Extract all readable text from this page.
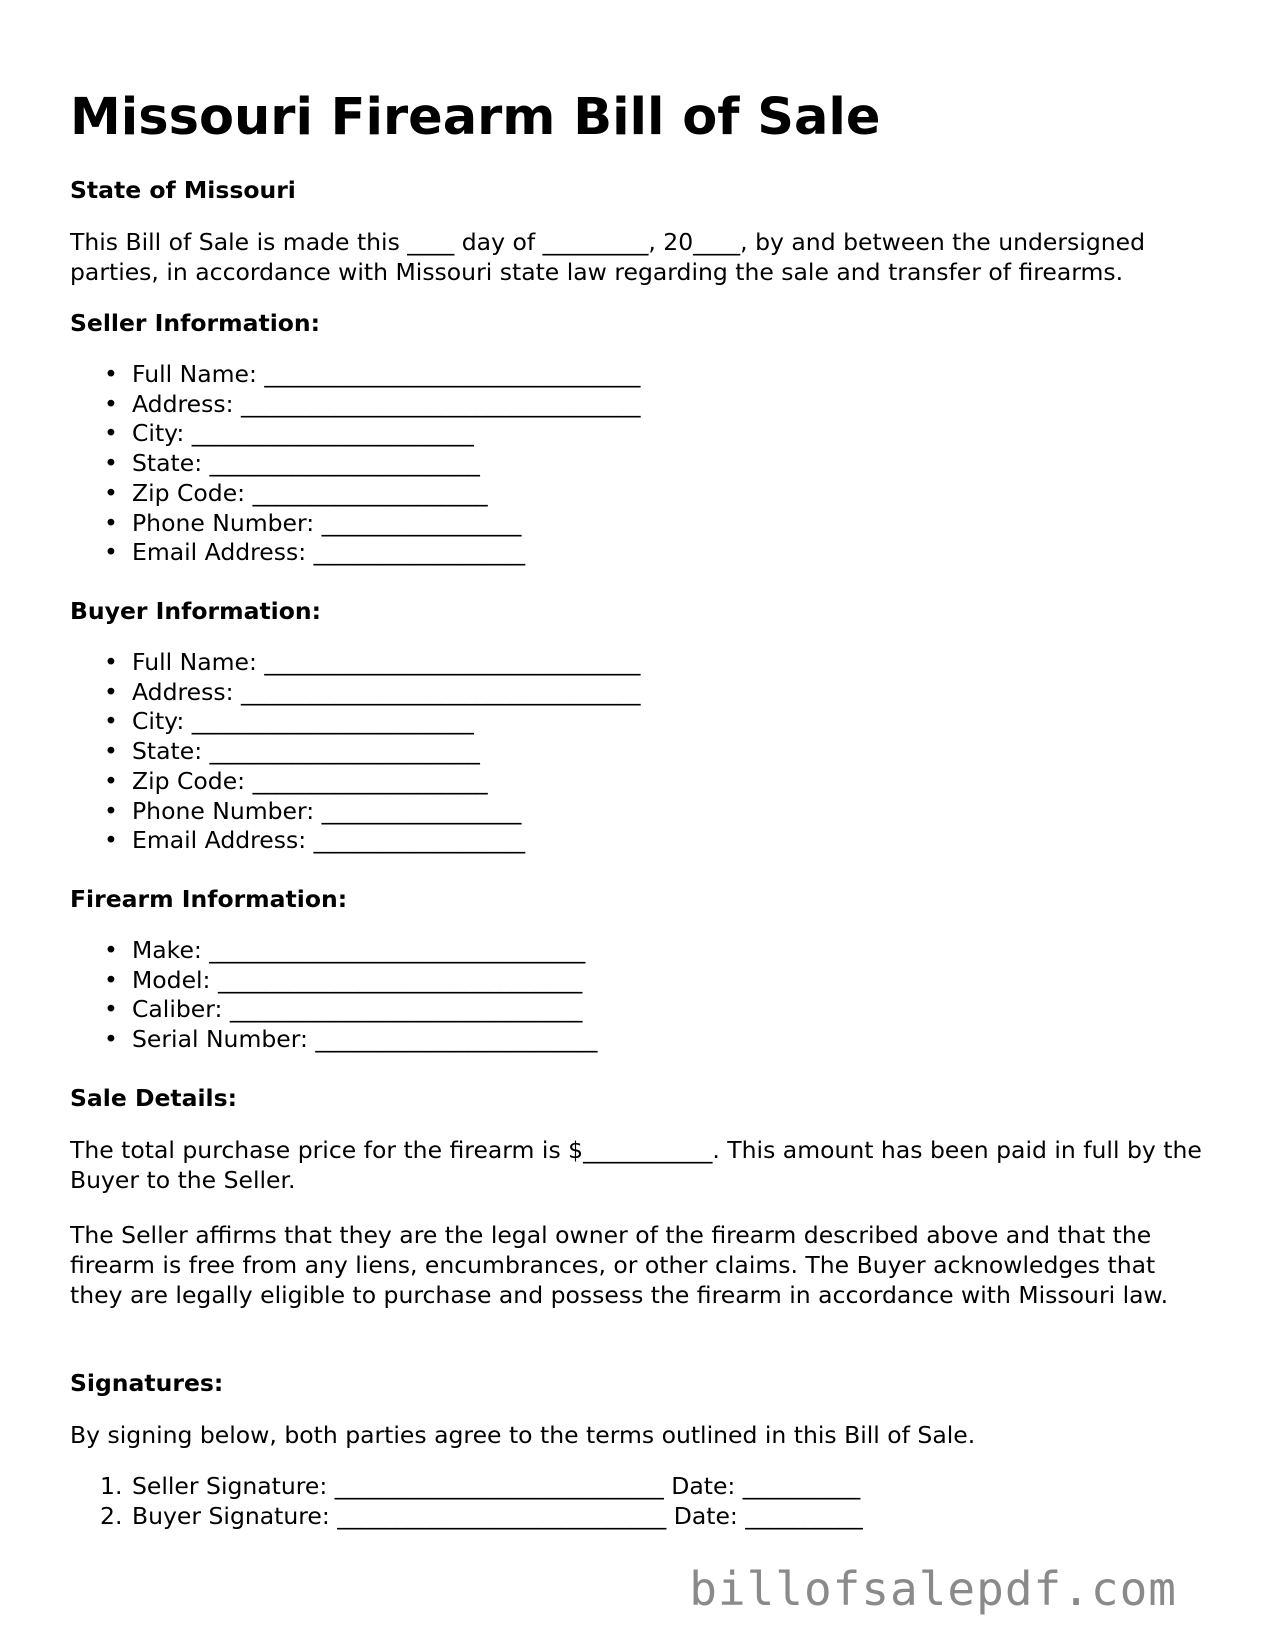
Missouri Firearm Bill of Sale
State of Missouri

This Bill of Sale is made this ____ day of _________, 20____, by and between the undersigned parties, in accordance with Missouri state law regarding the sale and transfer of firearms.

Seller Information:
• Full Name: ________________________________
• Address: __________________________________
• City: ________________________
• State: _______________________
• Zip Code: ____________________
• Phone Number: _________________
• Email Address: __________________
Buyer Information:
• Full Name: ________________________________
• Address: __________________________________
• City: ________________________
• State: _______________________
• Zip Code: ____________________
• Phone Number: _________________
• Email Address: __________________
Firearm Information:
• Make: ________________________________
• Model: _______________________________
• Caliber: ______________________________
• Serial Number: ________________________
Sale Details:

The total purchase price for the firearm is $___________. This amount has been paid in full by the Buyer to the Seller.

The Seller affirms that they are the legal owner of the firearm described above and that the firearm is free from any liens, encumbrances, or other claims. The Buyer acknowledges that they are legally eligible to purchase and possess the firearm in accordance with Missouri law.

Signatures:

By signing below, both parties agree to the terms outlined in this Bill of Sale.

1. Seller Signature: ____________________________ Date: __________
2. Buyer Signature: ____________________________ Date: __________
billofsalepdf.com
